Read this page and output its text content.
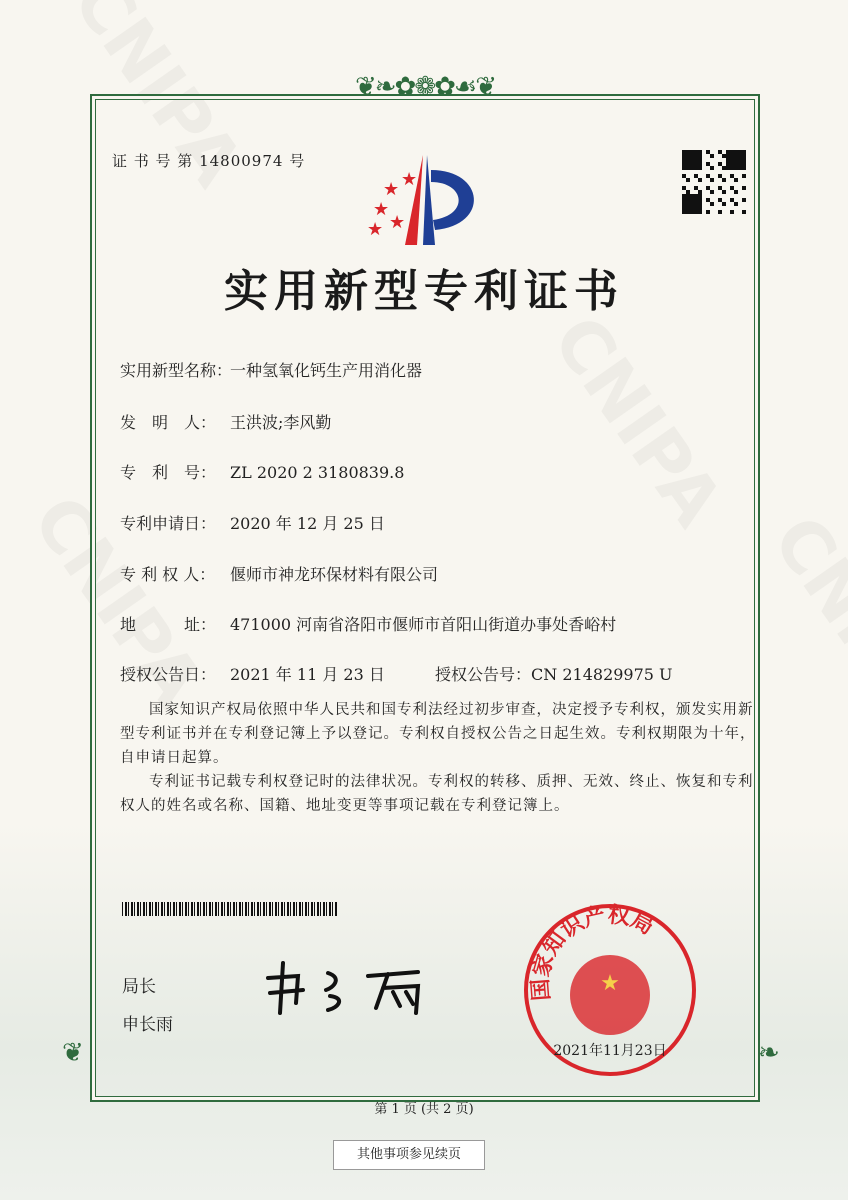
❦❧✿❁✿☙❦
❦	❧
证 书 号 第 14800974 号
★
★
★
★
★
实用新型专利证书
实用新型名称：一种氢氧化钙生产用消化器
发　明　人： 王洪波;李风勤
专　利　号： ZL 2020 2 3180839.8
专利申请日： 2020 年 12 月 25 日
专 利 权 人： 偃师市神龙环保材料有限公司
地　　　址： 471000 河南省洛阳市偃师市首阳山街道办事处香峪村
授权公告日： 2021 年 11 月 23 日	授权公告号：CN 214829975 U
国家知识产权局依照中华人民共和国专利法经过初步审查，决定授予专利权，颁发实用新型专利证书并在专利登记簿上予以登记。专利权自授权公告之日起生效。专利权期限为十年，自申请日起算。
专利证书记载专利权登记时的法律状况。专利权的转移、质押、无效、终止、恢复和专利权人的姓名或名称、国籍、地址变更等事项记载在专利登记簿上。
局长
申长雨
★
国家知识产权局
2021年11月23日
第 1 页 (共 2 页)
其他事项参见续页
